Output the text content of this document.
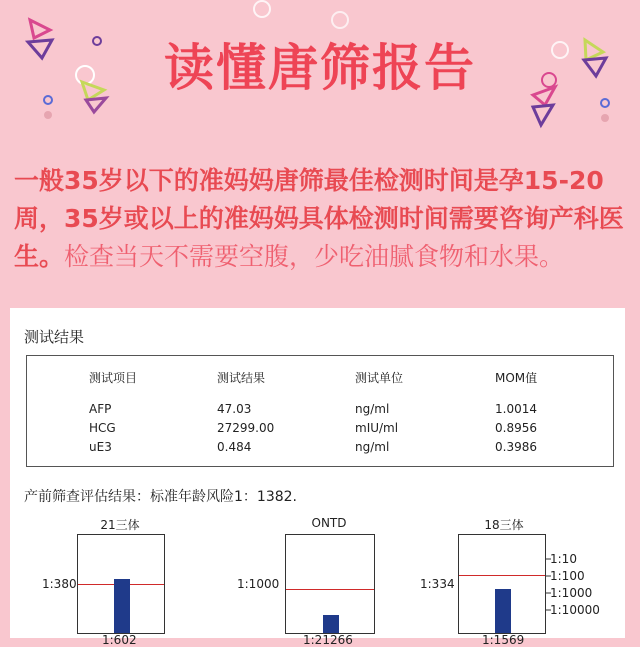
读懂唐筛报告
一般35岁以下的准妈妈唐筛最佳检测时间是孕15-20周，35岁或以上的准妈妈具体检测时间需要咨询产科医生。检查当天不需要空腹，少吃油腻食物和水果。
测试结果
测试项目	测试结果	测试单位	MOM值
AFP	47.03	ng/ml	1.0014
HCG	27299.00	mIU/ml	0.8956
uE3	0.484	ng/ml	0.3986
产前筛查评估结果：标准年龄风险1：1382.
21三体
1:380
1:602
ONTD
1:1000
1:21266
18三体
1:10
1:100
1:1000
1:10000
1:334
1:1569
